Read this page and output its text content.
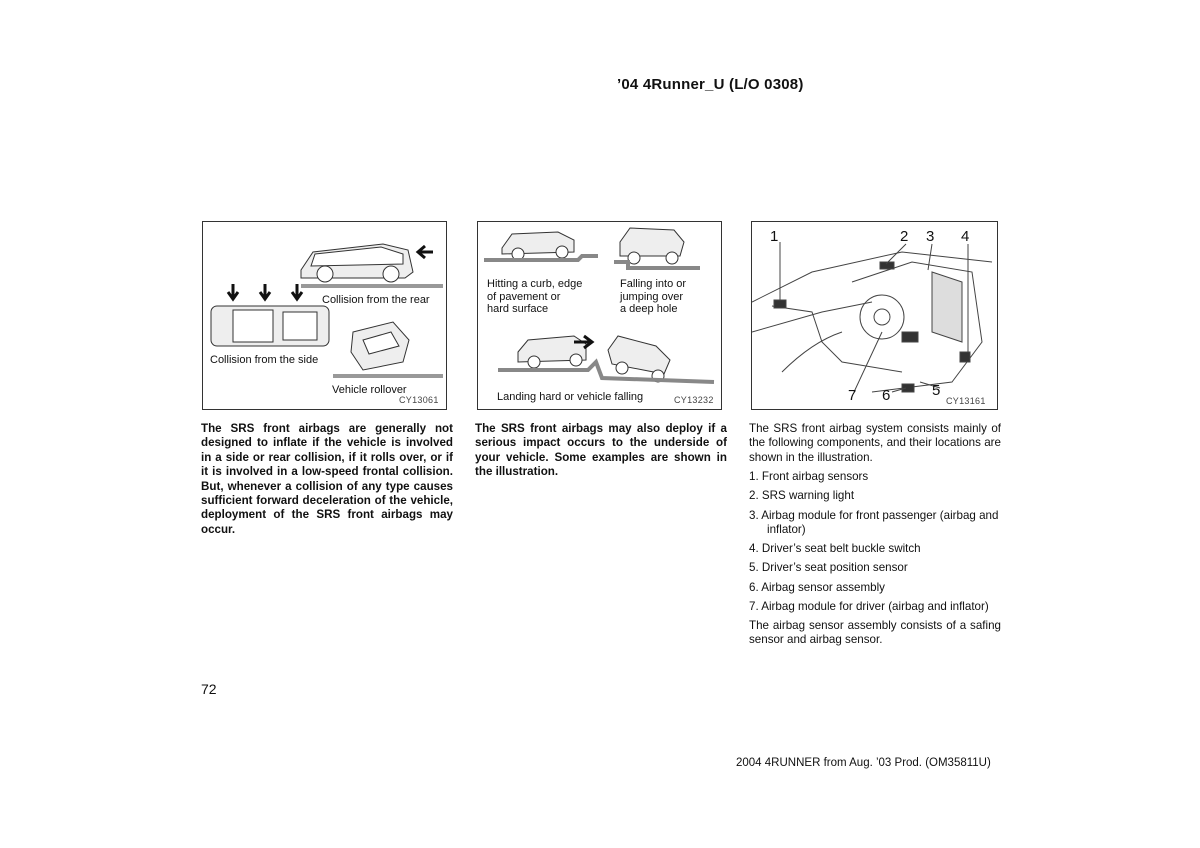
’04 4Runner_U (L/O 0308)
Collision from the rear
Collision from the side
Vehicle rollover
CY13061
Hitting a curb, edge
of pavement or
hard surface
Falling into or
jumping over
a deep hole
Landing hard or vehicle falling	CY13232
1	2 3 4
7 6	5
CY13161
The SRS front airbags are generally not designed to inflate if the vehicle is involved in a side or rear collision, if it rolls over, or if it is involved in a low-speed frontal collision. But, whenever a collision of any type causes sufficient forward deceleration of the vehicle, deployment of the SRS front airbags may occur.
The SRS front airbags may also deploy if a serious impact occurs to the underside of your vehicle. Some examples are shown in the illustration.
The SRS front airbag system consists mainly of the following components, and their locations are shown in the illustration.
1. Front airbag sensors
2. SRS warning light
3. Airbag module for front passenger (airbag and inflator)
4. Driver’s seat belt buckle switch
5. Driver’s seat position sensor
6. Airbag sensor assembly
7. Airbag module for driver (airbag and inflator)
The airbag sensor assembly consists of a safing sensor and airbag sensor.
72
2004 4RUNNER from Aug. ’03 Prod. (OM35811U)
